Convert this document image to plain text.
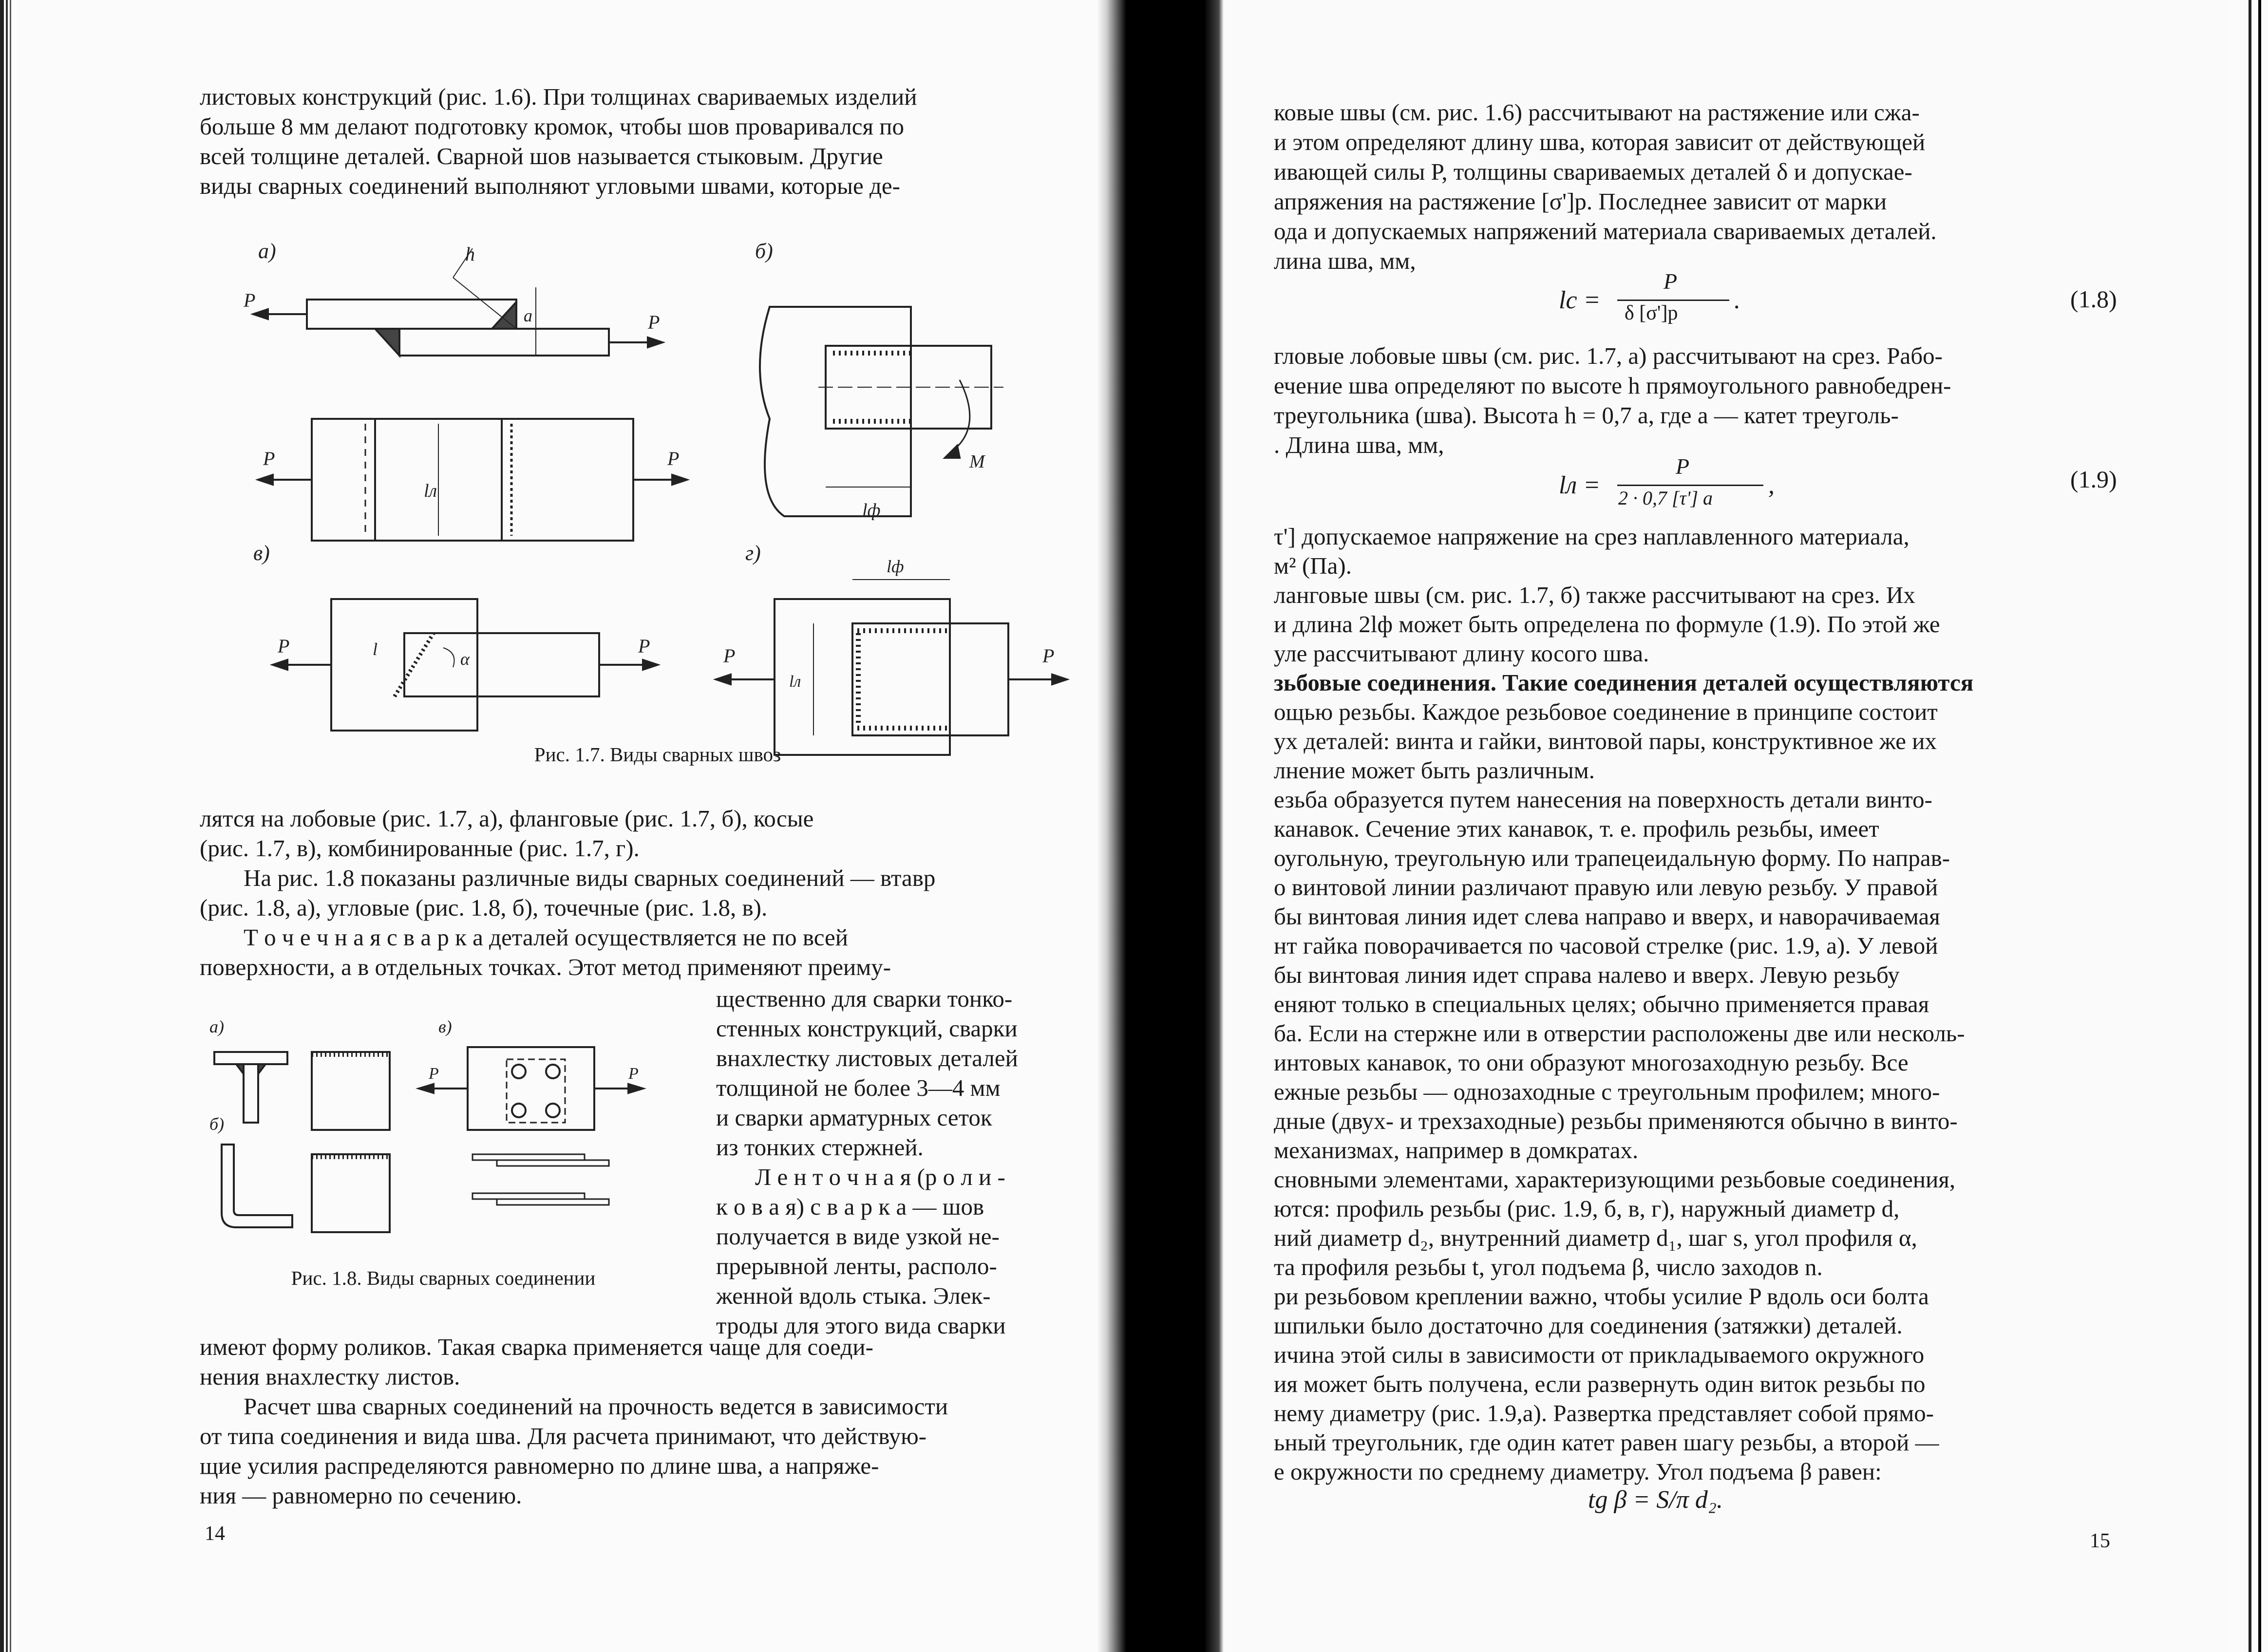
листовых конструкций (рис. 1.6). При толщинах свариваемых изделий
больше 8 мм делают подготовку кромок, чтобы шов проваривался по
всей толщине деталей. Сварной шов называется стыковым. Другие
виды сварных соединений выполняют угловыми швами, которые де-
а)	б)
в)	г)
P
P
h
a
P	P
lл
M
lф
P	P
l	α	P	P
lф
lл
Рис. 1.7. Виды сварных швоз
лятся на лобовые (рис. 1.7, а), фланговые (рис. 1.7, б), косые
(рис. 1.7, в), комбинированные (рис. 1.7, г).
На рис. 1.8 показаны различные виды сварных соединений — втавр
(рис. 1.8, а), угловые (рис. 1.8, б), точечные (рис. 1.8, в).
Т о ч е ч н а я с в а р к а деталей осуществляется не по всей
поверхности, а в отдельных точках. Этот метод применяют преиму-
а)
б)
в)
P	P
Рис. 1.8. Виды сварных соединении
щественно для сварки тонко-
стенных конструкций, сварки
внахлестку листовых деталей
толщиной не более 3—4 мм
и сварки арматурных сеток
из тонких стержней.
Л е н т о ч н а я (р о л и -
к о в а я) с в а р к а — шов
получается в виде узкой не-
прерывной ленты, располо-
женной вдоль стыка. Элек-
троды для этого вида сварки
имеют форму роликов. Такая сварка применяется чаще для соеди-
нения внахлестку листов.
Расчет шва сварных соединений на прочность ведется в зависимости
от типа соединения и вида шва. Для расчета принимают, что действую-
щие усилия распределяются равномерно по длине шва, а напряже-
ния — равномерно по сечению.
14
ковые швы (см. рис. 1.6) рассчитывают на растяжение или сжа-
и этом определяют длину шва, которая зависит от действующей
ивающей силы P, толщины свариваемых деталей δ и допускае-
апряжения на растяжение [σ']р. Последнее зависит от марки
ода и допускаемых напряжений материала свариваемых деталей.
лина шва, мм,
lс =
P
δ [σ']р .	(1.8)
гловые лобовые швы (см. рис. 1.7, а) рассчитывают на срез. Рабо-
ечение шва определяют по высоте h прямоугольного равнобедрен-
треугольника (шва). Высота h = 0,7 a, где a — катет треуголь-
. Длина шва, мм,
lл =
P
2 · 0,7 [τ'] a ,	(1.9)
τ'] допускаемое напряжение на срез наплавленного материала,
м² (Па).
ланговые швы (см. рис. 1.7, б) также рассчитывают на срез. Их
и длина 2lф может быть определена по формуле (1.9). По этой же
уле рассчитывают длину косого шва.
зьбовые соединения. Такие соединения деталей осуществляются
ощью резьбы. Каждое резьбовое соединение в принципе состоит
ух деталей: винта и гайки, винтовой пары, конструктивное же их
лнение может быть различным.
езьба образуется путем нанесения на поверхность детали винто-
канавок. Сечение этих канавок, т. е. профиль резьбы, имеет
оугольную, треугольную или трапецеидальную форму. По направ-
о винтовой линии различают правую или левую резьбу. У правой
бы винтовая линия идет слева направо и вверх, и наворачиваемая
нт гайка поворачивается по часовой стрелке (рис. 1.9, а). У левой
бы винтовая линия идет справа налево и вверх. Левую резьбу
еняют только в специальных целях; обычно применяется правая
ба. Если на стержне или в отверстии расположены две или несколь-
интовых канавок, то они образуют многозаходную резьбу. Все
ежные резьбы — однозаходные с треугольным профилем; много-
дные (двух- и трехзаходные) резьбы применяются обычно в винто-
механизмах, например в домкратах.
сновными элементами, характеризующими резьбовые соединения,
ются: профиль резьбы (рис. 1.9, б, в, г), наружный диаметр d,
ний диаметр d₂, внутренний диаметр d₁, шаг s, угол профиля α,
та профиля резьбы t, угол подъема β, число заходов n.
ри резьбовом креплении важно, чтобы усилие P вдоль оси болта
шпильки было достаточно для соединения (затяжки) деталей.
ичина этой силы в зависимости от прикладываемого окружного
ия может быть получена, если развернуть один виток резьбы по
нему диаметру (рис. 1.9,а). Развертка представляет собой прямо-
ьный треугольник, где один катет равен шагу резьбы, а второй —
е окружности по среднему диаметру. Угол подъема β равен:
tg β = S/π d₂.
15
